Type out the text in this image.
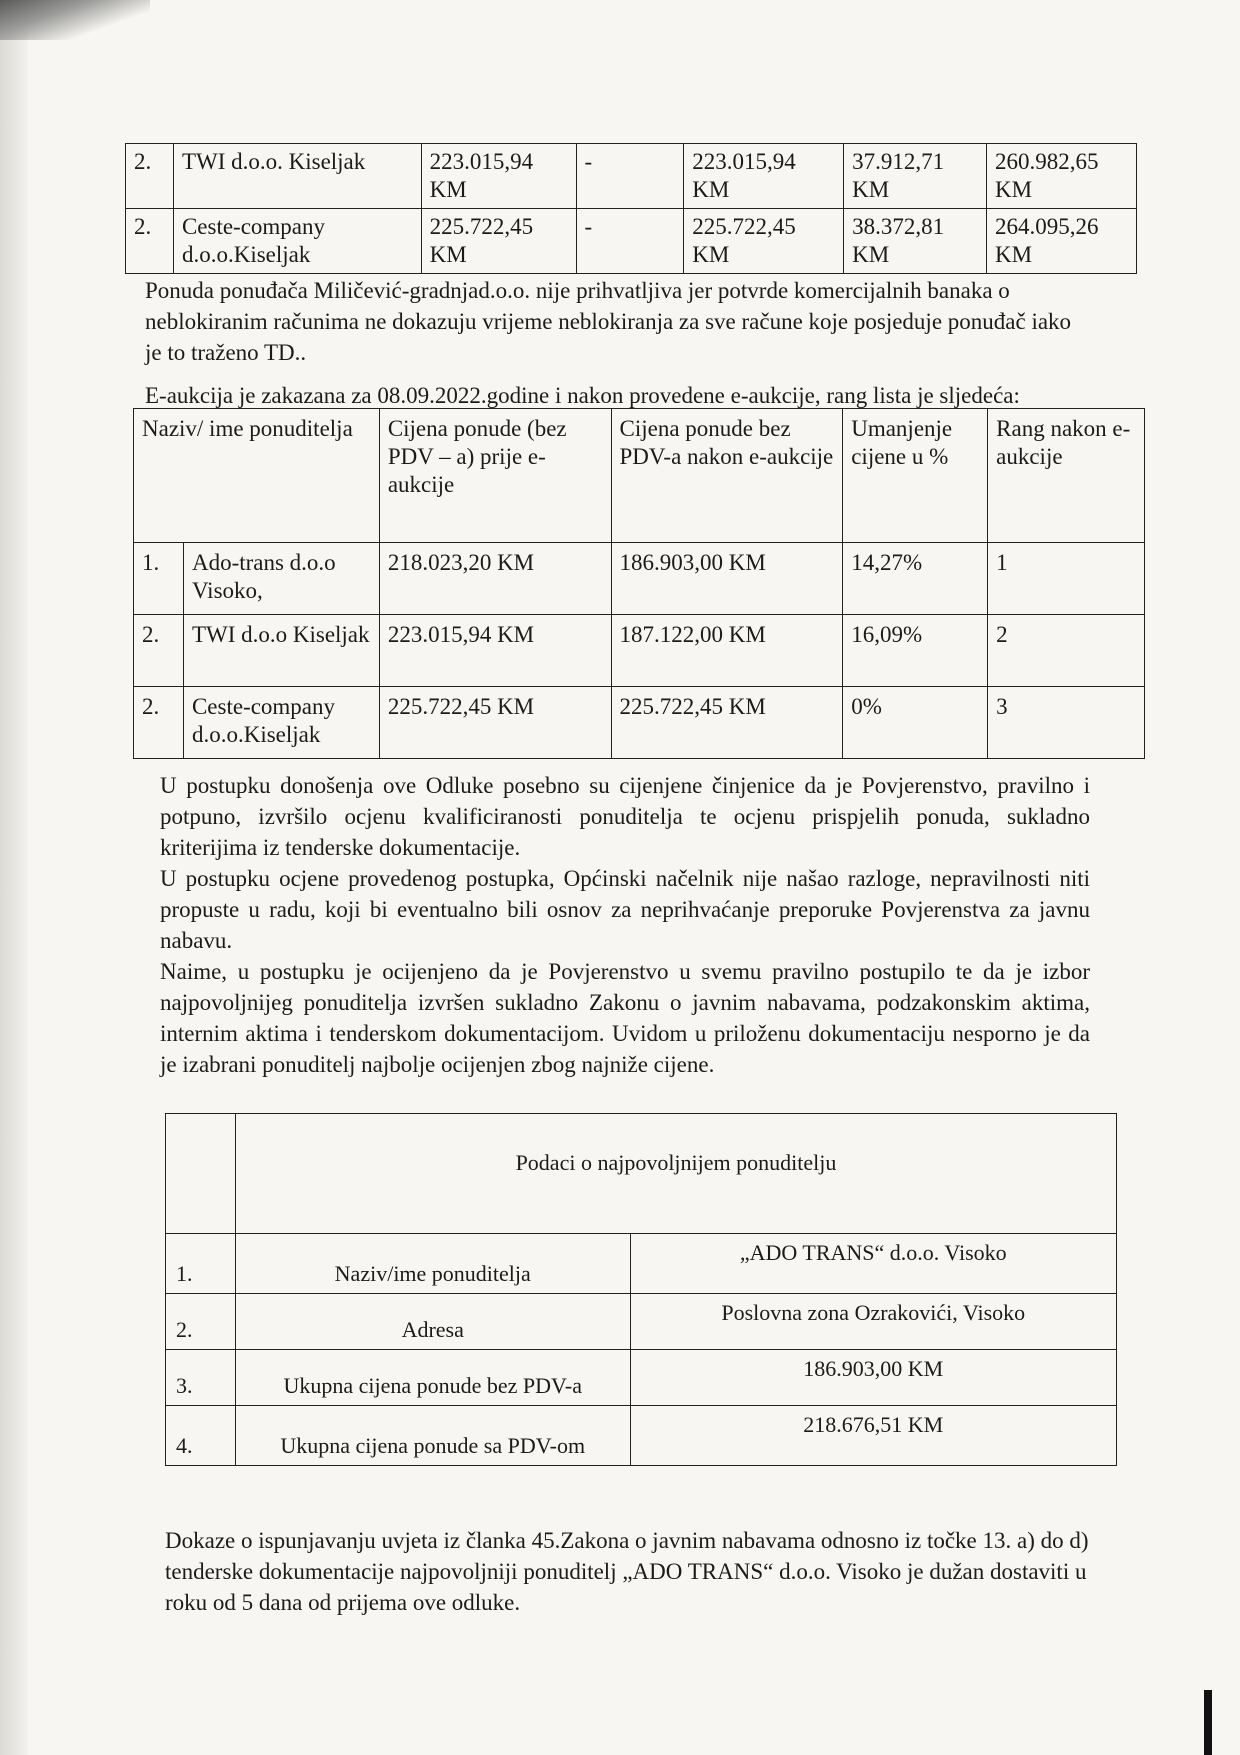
2.	TWI d.o.o. Kiseljak	223.015,94 KM	-	223.015,94 KM	37.912,71 KM	260.982,65 KM
2.	Ceste-company d.o.o.Kiseljak	225.722,45 KM	-	225.722,45 KM	38.372,81 KM	264.095,26 KM

Ponuda ponuđača Miličević-gradnjad.o.o. nije prihvatljiva jer potvrde komercijalnih banaka o neblokiranim računima ne dokazuju vrijeme neblokiranja za sve račune koje posjeduje ponuđač iako je to traženo TD..

E-aukcija je zakazana za 08.09.2022.godine i nakon provedene e-aukcije, rang lista je sljedeća:

Naziv/ ime ponuditelja		Cijena ponude (bez PDV – a) prije e-aukcije	Cijena ponude bez PDV-a nakon e-aukcije	Umanjenje cijene u %	Rang nakon e-aukcije
1.	Ado-trans d.o.o Visoko,	218.023,20 KM	186.903,00 KM	14,27%	1
2.	TWI d.o.o Kiseljak	223.015,94 KM	187.122,00 KM	16,09%	2
2.	Ceste-company d.o.o.Kiseljak	225.722,45 KM	225.722,45 KM	0%	3
U postupku donošenja ove Odluke posebno su cijenjene činjenice da je Povjerenstvo, pravilno i potpuno, izvršilo ocjenu kvalificiranosti ponuditelja te ocjenu prispjelih ponuda, sukladno kriterijima iz tenderske dokumentacije.
U postupku ocjene provedenog postupka, Općinski načelnik nije našao razloge, nepravilnosti niti propuste u radu, koji bi eventualno bili osnov za neprihvaćanje preporuke Povjerenstva za javnu nabavu.
Naime, u postupku je ocijenjeno da je Povjerenstvo u svemu pravilno postupilo te da je izbor najpovoljnijeg ponuditelja izvršen sukladno Zakonu o javnim nabavama, podzakonskim aktima, internim aktima i tenderskom dokumentacijom. Uvidom u priloženu dokumentaciju nesporno je da je izabrani ponuditelj najbolje ocijenjen zbog najniže cijene.
	Podaci o najpovoljnijem ponuditelju	
1.	Naziv/ime ponuditelja	„ADO TRANS“ d.o.o. Visoko
2.	Adresa	Poslovna zona Ozrakovići, Visoko
3.	Ukupna cijena ponude bez PDV-a	186.903,00 KM
4.	Ukupna cijena ponude sa PDV-om	218.676,51 KM

Dokaze o ispunjavanju uvjeta iz članka 45.Zakona o javnim nabavama odnosno iz točke 13. a) do d) tenderske dokumentacije najpovoljniji ponuditelj „ADO TRANS“ d.o.o. Visoko je dužan dostaviti u roku od 5 dana od prijema ove odluke.
